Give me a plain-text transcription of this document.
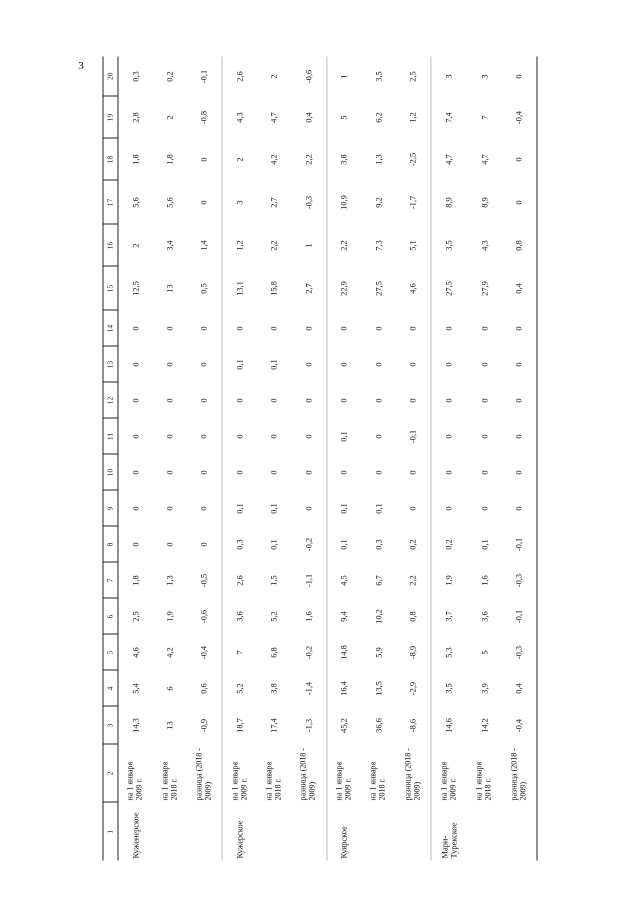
3
1	2	3	4	5	6	7	8	9	10	11	12	13	14	15	16	17	18	19	20
Куженерское	на 1 января 2009 г.	14,3	5,4	4,6	2,5	1,8	0	0	0	0	0	0	0	12,5	2	5,6	1,8	2,8	0,3
	на 1 января 2018 г.	13	6	4,2	1,9	1,3	0	0	0	0	0	0	0	13	3,4	5,6	1,8	2	0,2
	разница (2018 - 2009)	-0,9	0,6	-0,4	-0,6	-0,5	0	0	0	0	0	0	0	0,5	1,4	0	0	-0,8	-0,1
Кужерское	на 1 января 2009 г.	18,7	5,2	7	3,6	2,6	0,3	0,1	0	0	0	0,1	0	13,1	1,2	3	2	4,3	2,6
	на 1 января 2018 г.	17,4	3,8	6,8	5,2	1,5	0,1	0,1	0	0	0	0,1	0	15,8	2,2	2,7	4,2	4,7	2
	разница (2018 - 2009)	-1,3	-1,4	-0,2	1,6	-1,1	-0,2	0	0	0	0	0	0	2,7	1	-0,3	2,2	0,4	-0,6
Куярское	на 1 января 2009 г.	45,2	16,4	14,8	9,4	4,5	0,1	0,1	0	0,1	0	0	0	22,9	2,2	10,9	3,8	5	1
	на 1 января 2018 г.	36,6	13,5	5,9	10,2	6,7	0,3	0,1	0	0	0	0	0	27,5	7,3	9,2	1,3	6,2	3,5
	разница (2018 - 2009)	-8,6	-2,9	-8,9	0,8	2,2	0,2	0	0	-0,1	0	0	0	4,6	5,1	-1,7	-2,5	1,2	2,5
Мари-Турекское	на 1 января 2009 г.	14,6	3,5	5,3	3,7	1,9	0,2	0	0	0	0	0	0	27,5	3,5	8,9	4,7	7,4	3
	на 1 января 2018 г.	14,2	3,9	5	3,6	1,6	0,1	0	0	0	0	0	0	27,9	4,3	8,9	4,7	7	3
	разница (2018 - 2009)	-0,4	0,4	-0,3	-0,1	-0,3	-0,1	0	0	0	0	0	0	0,4	0,8	0	0	-0,4	0
